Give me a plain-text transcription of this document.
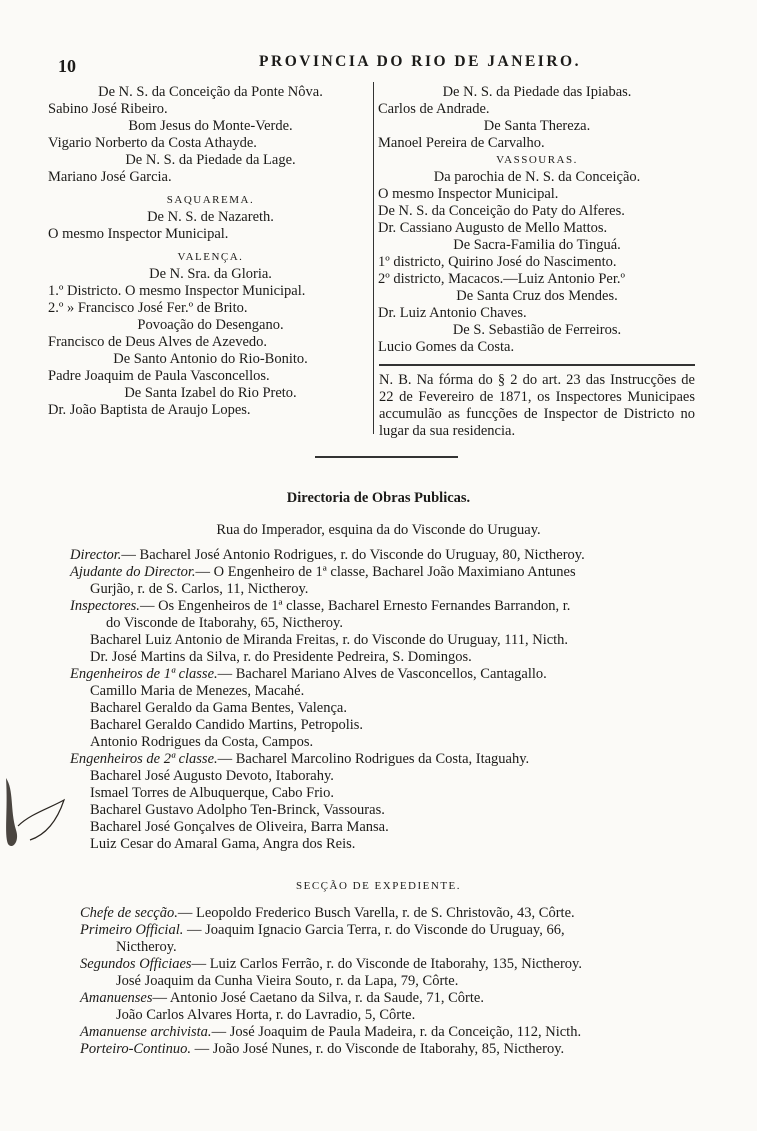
10	PROVINCIA DO RIO DE JANEIRO.
De N. S. da Conceição da Ponte Nôva.
Sabino José Ribeiro.
Bom Jesus do Monte-Verde.
Vigario Norberto da Costa Athayde.
De N. S. da Piedade da Lage.
Mariano José Garcia.
SAQUAREMA.
De N. S. de Nazareth.
O mesmo Inspector Municipal.
VALENÇA.
De N. Sra. da Gloria.
1.º Districto. O mesmo Inspector Municipal.
2.º » Francisco José Fer.º de Brito.
Povoação do Desengano.
Francisco de Deus Alves de Azevedo.
De Santo Antonio do Rio-Bonito.
Padre Joaquim de Paula Vasconcellos.
De Santa Izabel do Rio Preto.
Dr. João Baptista de Araujo Lopes.
De N. S. da Piedade das Ipiabas.
Carlos de Andrade.
De Santa Thereza.
Manoel Pereira de Carvalho.
VASSOURAS.
Da parochia de N. S. da Conceição.
O mesmo Inspector Municipal.
De N. S. da Conceição do Paty do Alferes.
Dr. Cassiano Augusto de Mello Mattos.
De Sacra-Familia do Tinguá.
1º districto, Quirino José do Nascimento.
2º districto, Macacos.—Luiz Antonio Per.º
De Santa Cruz dos Mendes.
Dr. Luiz Antonio Chaves.
De S. Sebastião de Ferreiros.
Lucio Gomes da Costa.
N. B. Na fórma do § 2 do art. 23 das Instrucções de 22 de Fevereiro de 1871, os Inspectores Municipaes accumulão as funcções de Inspector de Districto no lugar da sua residencia.
Directoria de Obras Publicas.
Rua do Imperador, esquina da do Visconde do Uruguay.
Director.— Bacharel José Antonio Rodrigues, r. do Visconde do Uruguay, 80, Nictheroy.
Ajudante do Director.— O Engenheiro de 1ª classe, Bacharel João Maximiano Antunes
Gurjão, r. de S. Carlos, 11, Nictheroy.
Inspectores.— Os Engenheiros de 1ª classe, Bacharel Ernesto Fernandes Barrandon, r.
do Visconde de Itaborahy, 65, Nictheroy.
Bacharel Luiz Antonio de Miranda Freitas, r. do Visconde do Uruguay, 111, Nicth.
Dr. José Martins da Silva, r. do Presidente Pedreira, S. Domingos.
Engenheiros de 1ª classe.— Bacharel Mariano Alves de Vasconcellos, Cantagallo.
Camillo Maria de Menezes, Macahé.
Bacharel Geraldo da Gama Bentes, Valença.
Bacharel Geraldo Candido Martins, Petropolis.
Antonio Rodrigues da Costa, Campos.
Engenheiros de 2ª classe.— Bacharel Marcolino Rodrigues da Costa, Itaguahy.
Bacharel José Augusto Devoto, Itaborahy.
Ismael Torres de Albuquerque, Cabo Frio.
Bacharel Gustavo Adolpho Ten-Brinck, Vassouras.
Bacharel José Gonçalves de Oliveira, Barra Mansa.
Luiz Cesar do Amaral Gama, Angra dos Reis.
SECÇÃO DE EXPEDIENTE.
Chefe de secção.— Leopoldo Frederico Busch Varella, r. de S. Christovão, 43, Côrte.
Primeiro Official. — Joaquim Ignacio Garcia Terra, r. do Visconde do Uruguay, 66,
Nictheroy.
Segundos Officiaes— Luiz Carlos Ferrão, r. do Visconde de Itaborahy, 135, Nictheroy.
José Joaquim da Cunha Vieira Souto, r. da Lapa, 79, Côrte.
Amanuenses— Antonio José Caetano da Silva, r. da Saude, 71, Côrte.
João Carlos Alvares Horta, r. do Lavradio, 5, Côrte.
Amanuense archivista.— José Joaquim de Paula Madeira, r. da Conceição, 112, Nicth.
Porteiro-Continuo. — João José Nunes, r. do Visconde de Itaborahy, 85, Nictheroy.
